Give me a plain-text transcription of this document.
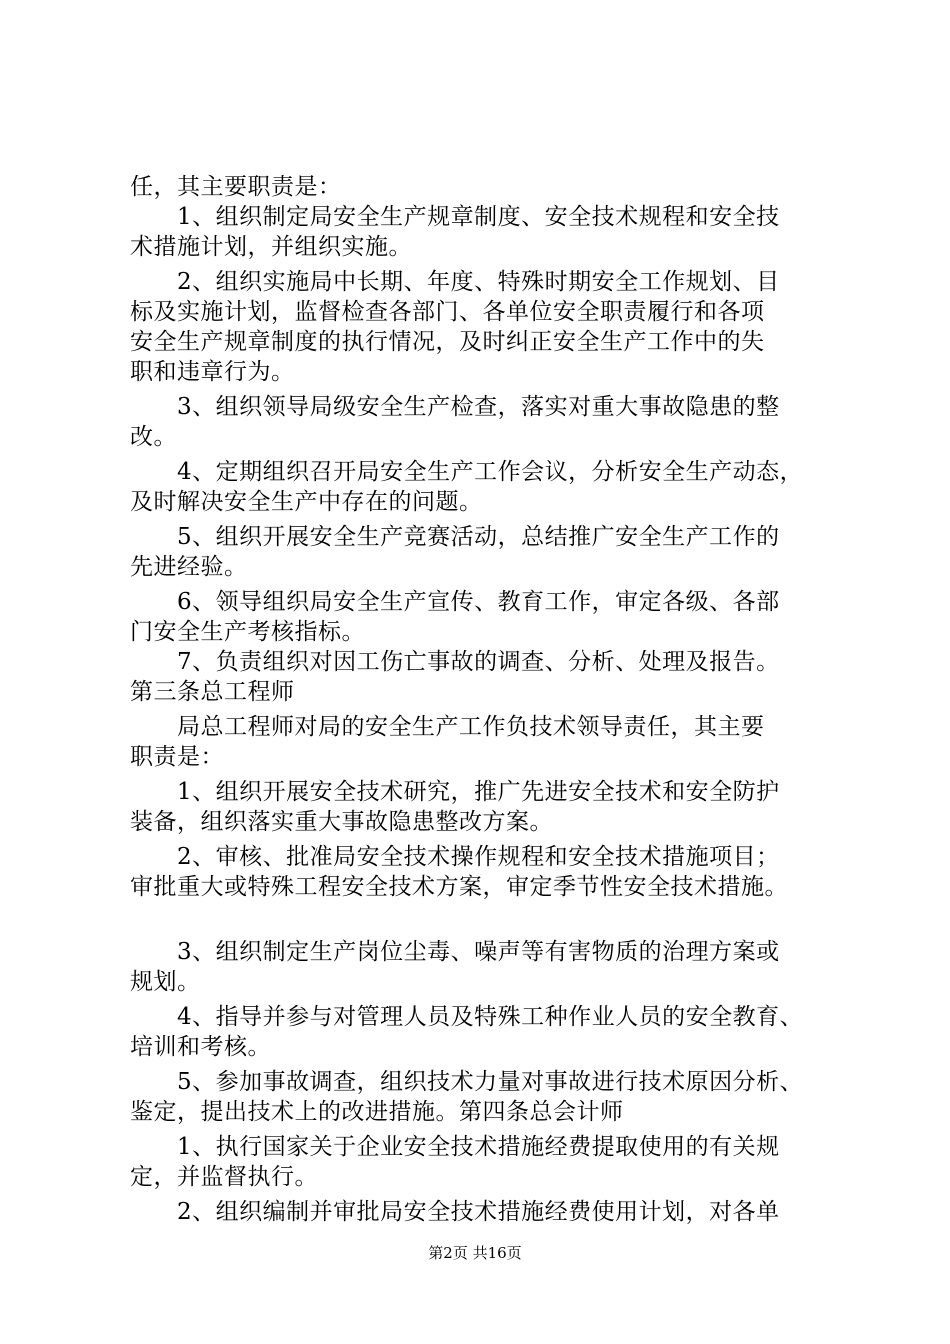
任，其主要职责是：

　　1、组织制定局安全生产规章制度、安全技术规程和安全技

术措施计划，并组织实施。

　　2、组织实施局中长期、年度、特殊时期安全工作规划、目

标及实施计划，监督检查各部门、各单位安全职责履行和各项

安全生产规章制度的执行情况，及时纠正安全生产工作中的失

职和违章行为。

　　3、组织领导局级安全生产检查，落实对重大事故隐患的整

改。

　　4、定期组织召开局安全生产工作会议，分析安全生产动态，

及时解决安全生产中存在的问题。

　　5、组织开展安全生产竞赛活动，总结推广安全生产工作的

先进经验。

　　6、领导组织局安全生产宣传、教育工作，审定各级、各部

门安全生产考核指标。

　　7、负责组织对因工伤亡事故的调查、分析、处理及报告。

第三条总工程师

　　局总工程师对局的安全生产工作负技术领导责任，其主要

职责是：

　　1、组织开展安全技术研究，推广先进安全技术和安全防护

装备，组织落实重大事故隐患整改方案。

　　2、审核、批准局安全技术操作规程和安全技术措施项目；

审批重大或特殊工程安全技术方案，审定季节性安全技术措施。

　　3、组织制定生产岗位尘毒、噪声等有害物质的治理方案或

规划。

　　4、指导并参与对管理人员及特殊工种作业人员的安全教育、

培训和考核。

　　5、参加事故调查，组织技术力量对事故进行技术原因分析、

鉴定，提出技术上的改进措施。第四条总会计师

　　1、执行国家关于企业安全技术措施经费提取使用的有关规

定，并监督执行。

　　2、组织编制并审批局安全技术措施经费使用计划，对各单

第2页 共16页
